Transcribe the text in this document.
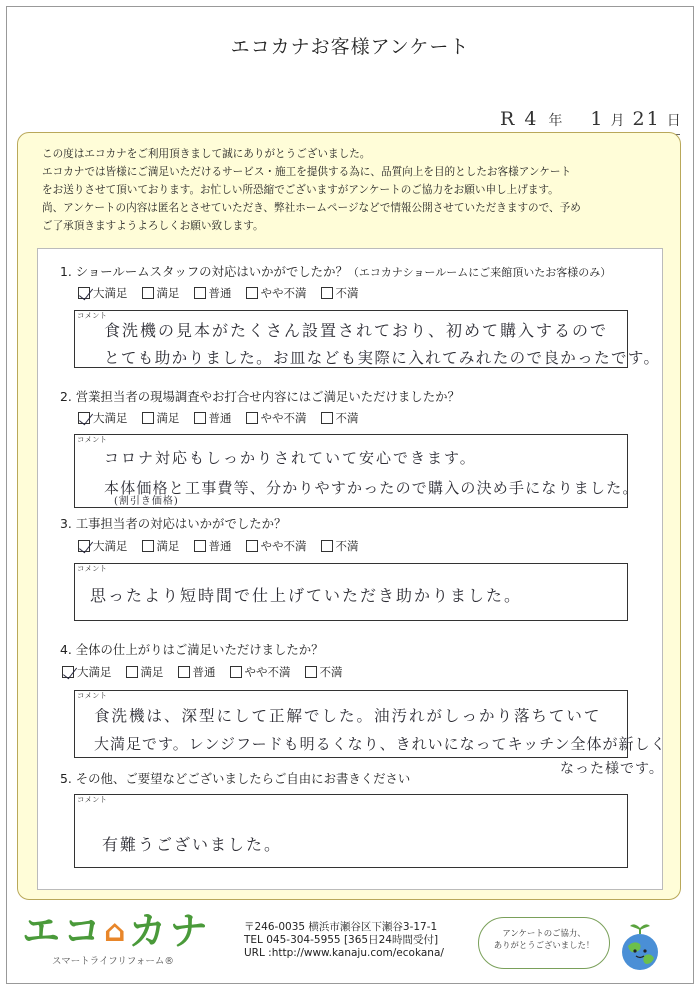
エコカナお客様アンケート
R 4 年 1 月 21 日
この度はエコカナをご利用頂きまして誠にありがとうございました。
エコカナでは皆様にご満足いただけるサービス・施工を提供する為に、品質向上を目的としたお客様アンケート
をお送りさせて頂いております。お忙しい所恐縮でございますがアンケートのご協力をお願い申し上げます。
尚、アンケートの内容は匿名とさせていただき、弊社ホームページなどで情報公開させていただきますので、予め
ご了承頂きますようよろしくお願い致します。
1. ショールームスタッフの対応はいかがでしたか？（エコカナショールームにご来館頂いたお客様のみ）
大満足	満足	普通	やや不満	不満
コメント
食洗機の見本がたくさん設置されており、初めて購入するので
とても助かりました。お皿なども実際に入れてみれたので良かったです。
2. 営業担当者の現場調査やお打合せ内容にはご満足いただけましたか？
大満足	満足	普通	やや不満	不満
コメント
コロナ対応もしっかりされていて安心できます。
本体価格と工事費等、分かりやすかったので購入の決め手になりました。
(割引き価格)
3. 工事担当者の対応はいかがでしたか？
大満足	満足	普通	やや不満	不満
コメント
思ったより短時間で仕上げていただき助かりました。
4. 全体の仕上がりはご満足いただけましたか？
大満足	満足	普通	やや不満	不満
コメント
食洗機は、深型にして正解でした。油汚れがしっかり落ちていて
大満足です。レンジフードも明るくなり、きれいになってキッチン全体が新しく
なった様です。
5. その他、ご要望などございましたらご自由にお書きください
コメント
有難うございました。
エコ⌂カナ
スマートライフリフォーム®
〒246-0035 横浜市瀬谷区下瀬谷3-17-1
TEL 045-304-5955 [365日24時間受付]
URL :http://www.kanaju.com/ecokana/
アンケートのご協力、
ありがとうございました！
